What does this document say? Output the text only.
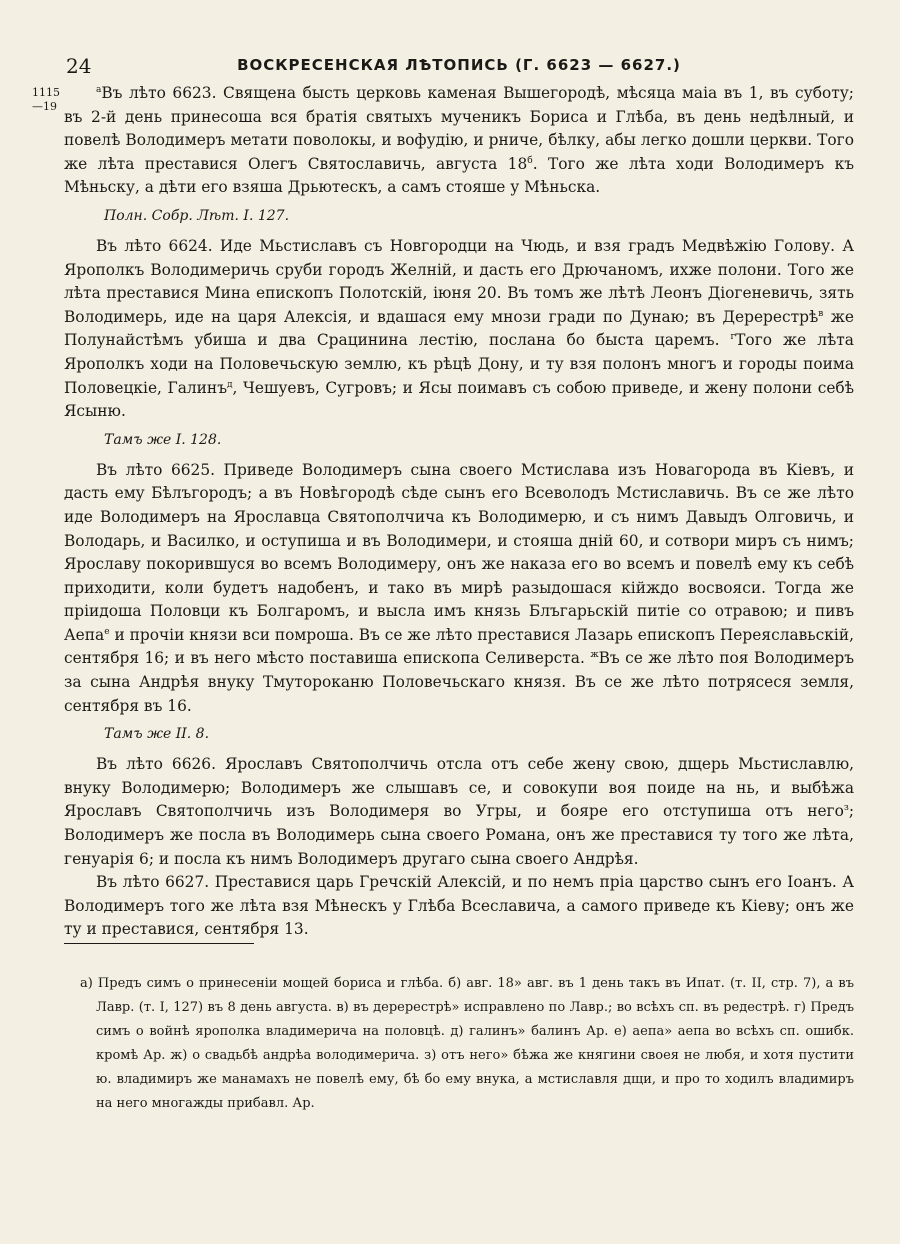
24	ВОСКРЕСЕНСКАЯ ЛѢТОПИСЬ (Г. 6623 — 6627.)
1115
—19

$^а$Въ лѣто 6623. Священа бысть церковь каменая Вышегородѣ, мѣсяца маіа въ 1, въ суботу; въ 2-й день принесоша вся братія святыхъ мученикъ Бориса и Глѣба, въ день недѣлный, и повелѣ Володимеръ метати поволокы, и вофудію, и рниче, бѣлку, абы легко дошли церкви. Того же лѣта преставися Олегъ Святославичь, августа $18^б$. Того же лѣта ходи Володимеръ къ Мѣньску, а дѣти его взяша Дрьютескъ, а самъ стояше у Мѣньска.

Полн. Собр. Лѣт. I. 127.

Въ лѣто 6624. Иде Мьстиславъ съ Новгородци на Чюдь, и взя градъ Медвѣжію Голову. А Ярополкъ Володимеричь сруби городъ Желній, и дасть его Дрючаномъ, ихже полони. Того же лѣта преставися Мина епископъ Полотскій, іюня 20. Въ томъ же лѣтѣ Леонъ Діогеневичь, зять Володимерь, иде на царя Алексія, и вдашася ему мнози гради по Дунаю; въ Деререстрѣ$^в$ же Полунайстѣмъ убиша и два Срацинина лестію, послана бо быста царемъ. $^г$Того же лѣта Ярополкъ ходи на Половечьскую землю, къ рѣцѣ Дону, и ту взя полонъ многъ и городы поима Половецкіе, Галинъ$^д$, Чешуевъ, Сугровъ; и Ясы поимавъ съ собою приведе, и жену полони себѣ Ясыню.

Тамъ же I. 128.

Въ лѣто 6625. Приведе Володимеръ сына своего Мстислава изъ Новагорода въ Кіевъ, и дасть ему Бѣлъгородъ; а въ Новѣгородѣ сѣде сынъ его Всеволодъ Мстиславичь. Въ се же лѣто иде Володимеръ на Ярославца Святополчича къ Володимерю, и съ нимъ Давыдъ Олговичь, и Володарь, и Василко, и оступиша и въ Володимери, и стояша дній 60, и сотвори миръ съ нимъ; Ярославу покорившуся во всемъ Володимеру, онъ же наказа его во всемъ и повелѣ ему къ себѣ приходити, коли будетъ надобенъ, и тако въ мирѣ разыдошася кійждо восвояси. Тогда же пріидоша Половци къ Болгаромъ, и высла имъ князь Блъгарьскій питіе со отравою; и пивъ Аепа$^е$ и прочіи князи вси помроша. Въ се же лѣто преставися Лазарь епископъ Переяславьскій, сентября 16; и въ него мѣсто поставиша епископа Селиверста. $^ж$Въ се же лѣто поя Володимеръ за сына Андрѣя внуку Тмутороканю Половечьскаго князя. Въ се же лѣто потрясеся земля, сентября въ 16.

Тамъ же II. 8.

Въ лѣто 6626. Ярославъ Святополчичь отсла отъ себе жену свою, дщерь Мьстиславлю, внуку Володимерю; Володимеръ же слышавъ се, и совокупи воя поиде на нь, и выбѣжа Ярославъ Святополчичь изъ Володимеря во Угры, и бояре его отступиша отъ него$^з$; Володимеръ же посла въ Володимерь сына своего Романа, онъ же преставися ту того же лѣта, генуарія 6; и посла къ нимъ Володимеръ другаго сына своего Андрѣя.

Въ лѣто 6627. Преставися царь Гречскій Алексій, и по немъ пріа царство сынъ его Іоанъ. А Володимеръ того же лѣта взя Мѣнескъ у Глѣба Всеславича, а самого приведе къ Кіеву; онъ же ту и преставися, сентября 13.

а) Предъ симъ о принесеніи мощей бориса и глѣба. б) авг. 18» авг. въ 1 день такъ въ Ипат. (т. II, стр. 7), а въ Лавр. (т. I, 127) въ 8 день августа. в) въ деререстрѣ» исправлено по Лавр.; во всѣхъ сп. въ редестрѣ. г) Предъ симъ о войнѣ ярополка владимерича на половцѣ. д) галинъ» балинъ Ар. е) аепа» аепа во всѣхъ сп. ошибк. кромѣ Ар. ж) о свадьбѣ андрѣа володимерича. з) отъ него» бѣжа же княгини своея не любя, и хотя пустити ю. владимиръ же манамахъ не повелѣ ему, бѣ бо ему внука, а мстиславля дщи, и про то ходилъ владимиръ на него многажды прибавл. Ар.
